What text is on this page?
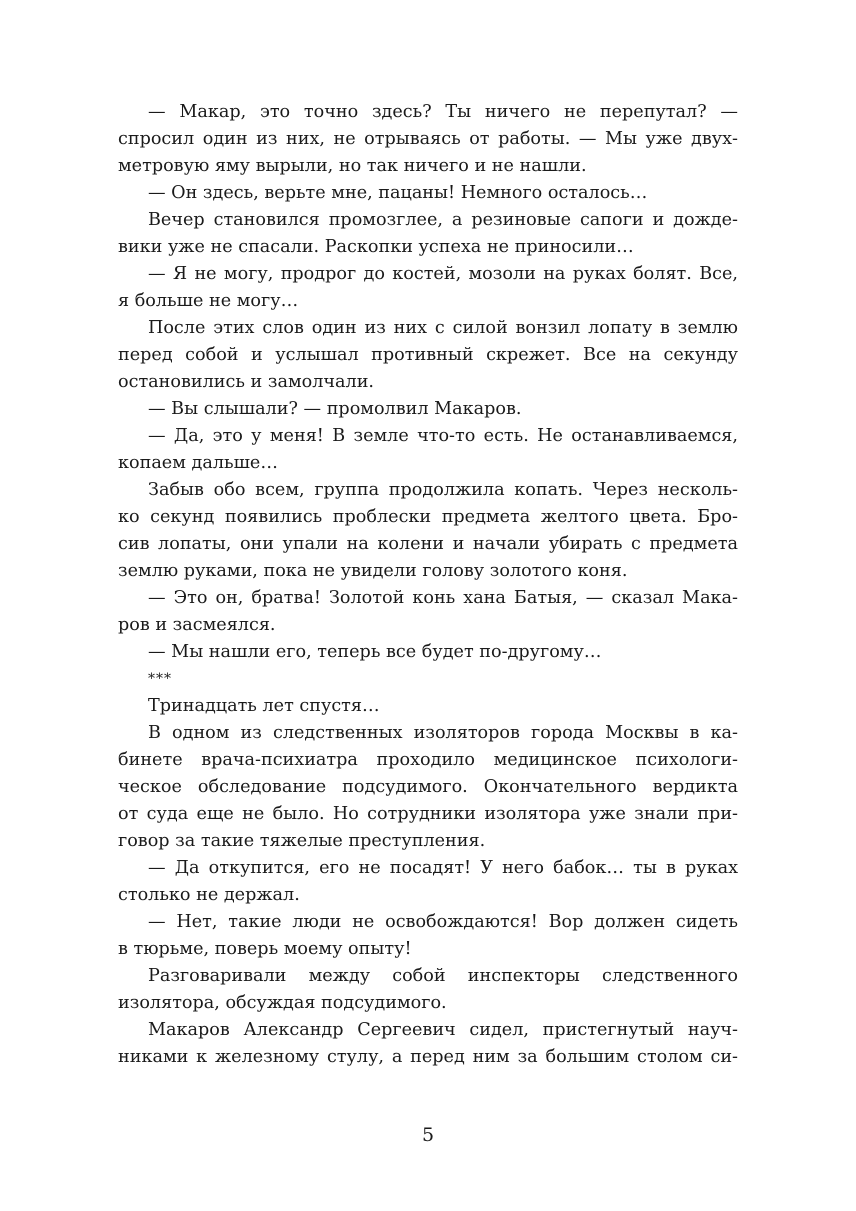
— Макар, это точно здесь? Ты ничего не перепутал? —
спросил один из них, не отрываясь от работы. — Мы уже двух-
метровую яму вырыли, но так ничего и не нашли.
— Он здесь, верьте мне, пацаны! Немного осталось…
Вечер становился промозглее, а резиновые сапоги и дожде-
вики уже не спасали. Раскопки успеха не приносили…
— Я не могу, продрог до костей, мозоли на руках болят. Все,
я больше не могу…
После этих слов один из них с силой вонзил лопату в землю
перед собой и услышал противный скрежет. Все на секунду
остановились и замолчали.
— Вы слышали? — промолвил Макаров.
— Да, это у меня! В земле что-то есть. Не останавливаемся,
копаем дальше…
Забыв обо всем, группа продолжила копать. Через несколь-
ко секунд появились проблески предмета желтого цвета. Бро-
сив лопаты, они упали на колени и начали убирать с предмета
землю руками, пока не увидели голову золотого коня.
— Это он, братва! Золотой конь хана Батыя, — сказал Мака-
ров и засмеялся.
— Мы нашли его, теперь все будет по-другому…
***
Тринадцать лет спустя…
В одном из следственных изоляторов города Москвы в ка-
бинете врача-психиатра проходило медицинское психологи-
ческое обследование подсудимого. Окончательного вердикта
от суда еще не было. Но сотрудники изолятора уже знали при-
говор за такие тяжелые преступления.
— Да откупится, его не посадят! У него бабок… ты в руках
столько не держал.
— Нет, такие люди не освобождаются! Вор должен сидеть
в тюрьме, поверь моему опыту!
Разговаривали между собой инспекторы следственного
изолятора, обсуждая подсудимого.
Макаров Александр Сергеевич сидел, пристегнутый науч-
никами к железному стулу, а перед ним за большим столом си-
5
